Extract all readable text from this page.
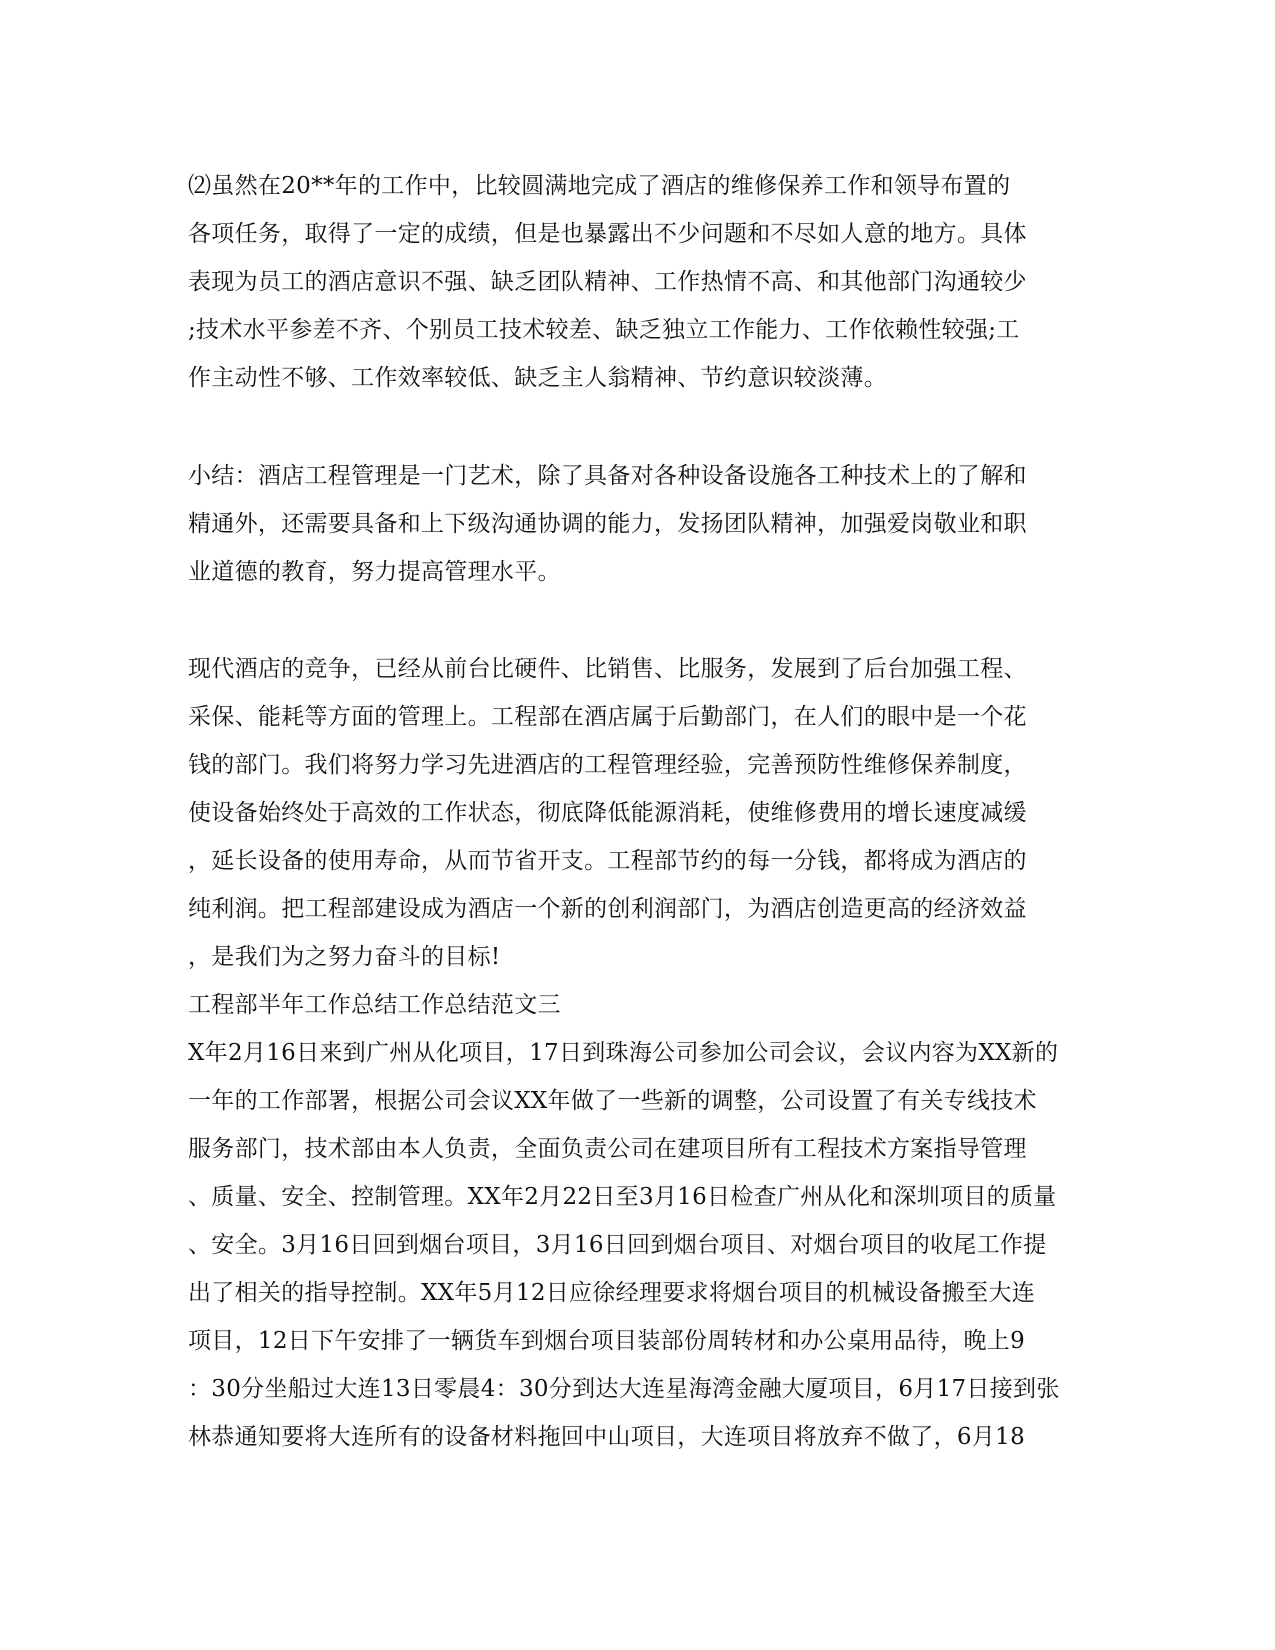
⑵虽然在20**年的工作中，比较圆满地完成了酒店的维修保养工作和领导布置的
各项任务，取得了一定的成绩，但是也暴露出不少问题和不尽如人意的地方。具体
表现为员工的酒店意识不强、缺乏团队精神、工作热情不高、和其他部门沟通较少
;技术水平参差不齐、个别员工技术较差、缺乏独立工作能力、工作依赖性较强;工
作主动性不够、工作效率较低、缺乏主人翁精神、节约意识较淡薄。
小结：酒店工程管理是一门艺术，除了具备对各种设备设施各工种技术上的了解和
精通外，还需要具备和上下级沟通协调的能力，发扬团队精神，加强爱岗敬业和职
业道德的教育，努力提高管理水平。
现代酒店的竞争，已经从前台比硬件、比销售、比服务，发展到了后台加强工程、
采保、能耗等方面的管理上。工程部在酒店属于后勤部门，在人们的眼中是一个花
钱的部门。我们将努力学习先进酒店的工程管理经验，完善预防性维修保养制度，
使设备始终处于高效的工作状态，彻底降低能源消耗，使维修费用的增长速度减缓
，延长设备的使用寿命，从而节省开支。工程部节约的每一分钱，都将成为酒店的
纯利润。把工程部建设成为酒店一个新的创利润部门，为酒店创造更高的经济效益
，是我们为之努力奋斗的目标!
工程部半年工作总结工作总结范文三
X年2月16日来到广州从化项目，17日到珠海公司参加公司会议，会议内容为XX新的
一年的工作部署，根据公司会议XX年做了一些新的调整，公司设置了有关专线技术
服务部门，技术部由本人负责，全面负责公司在建项目所有工程技术方案指导管理
、质量、安全、控制管理。XX年2月22日至3月16日检查广州从化和深圳项目的质量
、安全。3月16日回到烟台项目，3月16日回到烟台项目、对烟台项目的收尾工作提
出了相关的指导控制。XX年5月12日应徐经理要求将烟台项目的机械设备搬至大连
项目，12日下午安排了一辆货车到烟台项目装部份周转材和办公桌用品待，晚上9
：30分坐船过大连13日零晨4：30分到达大连星海湾金融大厦项目，6月17日接到张
林恭通知要将大连所有的设备材料拖回中山项目，大连项目将放弃不做了，6月18
